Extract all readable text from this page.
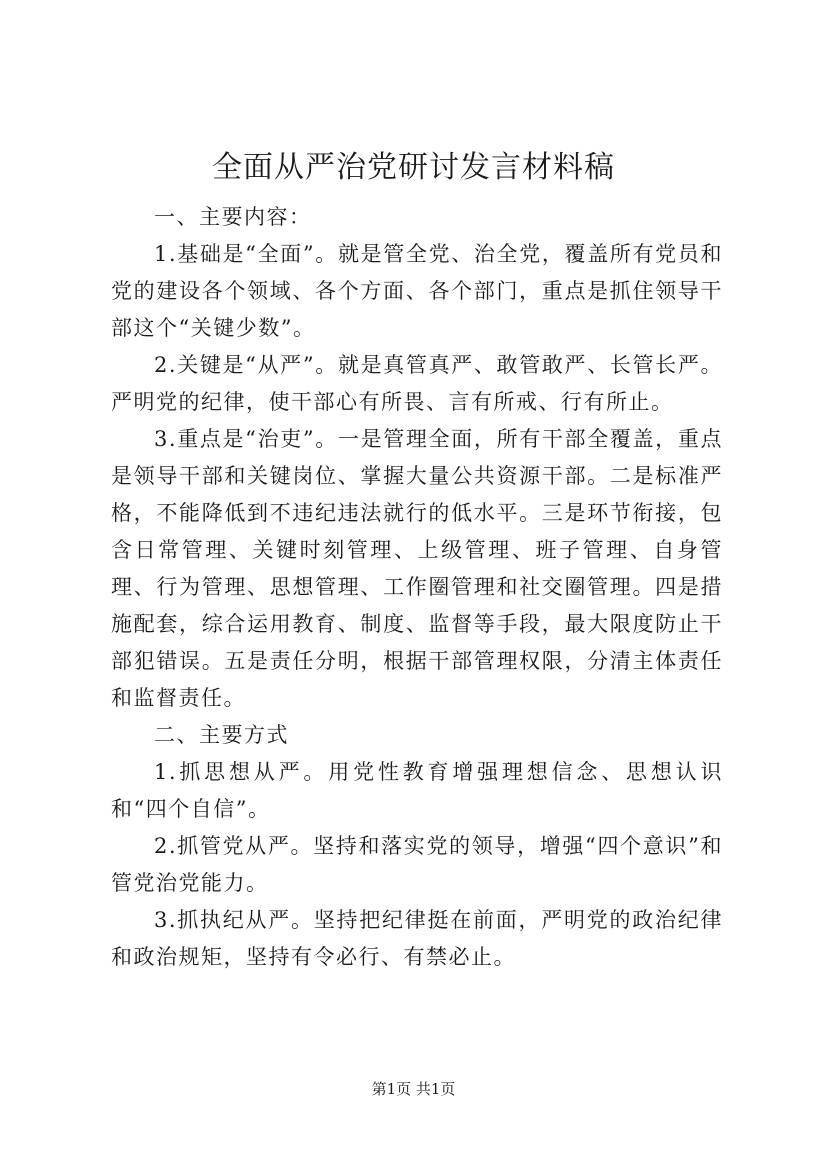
全面从严治党研讨发言材料稿

一、主要内容：

1.基础是“全面”。就是管全党、治全党，覆盖所有党员和党的建设各个领域、各个方面、各个部门，重点是抓住领导干部这个“关键少数”。

2.关键是“从严”。就是真管真严、敢管敢严、长管长严。严明党的纪律，使干部心有所畏、言有所戒、行有所止。

3.重点是“治吏”。一是管理全面，所有干部全覆盖，重点是领导干部和关键岗位、掌握大量公共资源干部。二是标准严格，不能降低到不违纪违法就行的低水平。三是环节衔接，包含日常管理、关键时刻管理、上级管理、班子管理、自身管理、行为管理、思想管理、工作圈管理和社交圈管理。四是措施配套，综合运用教育、制度、监督等手段，最大限度防止干部犯错误。五是责任分明，根据干部管理权限，分清主体责任和监督责任。

二、主要方式

1.抓思想从严。用党性教育增强理想信念、思想认识和“四个自信”。

2.抓管党从严。坚持和落实党的领导，增强“四个意识”和管党治党能力。

3.抓执纪从严。坚持把纪律挺在前面，严明党的政治纪律和政治规矩，坚持有令必行、有禁必止。

第1页 共1页
